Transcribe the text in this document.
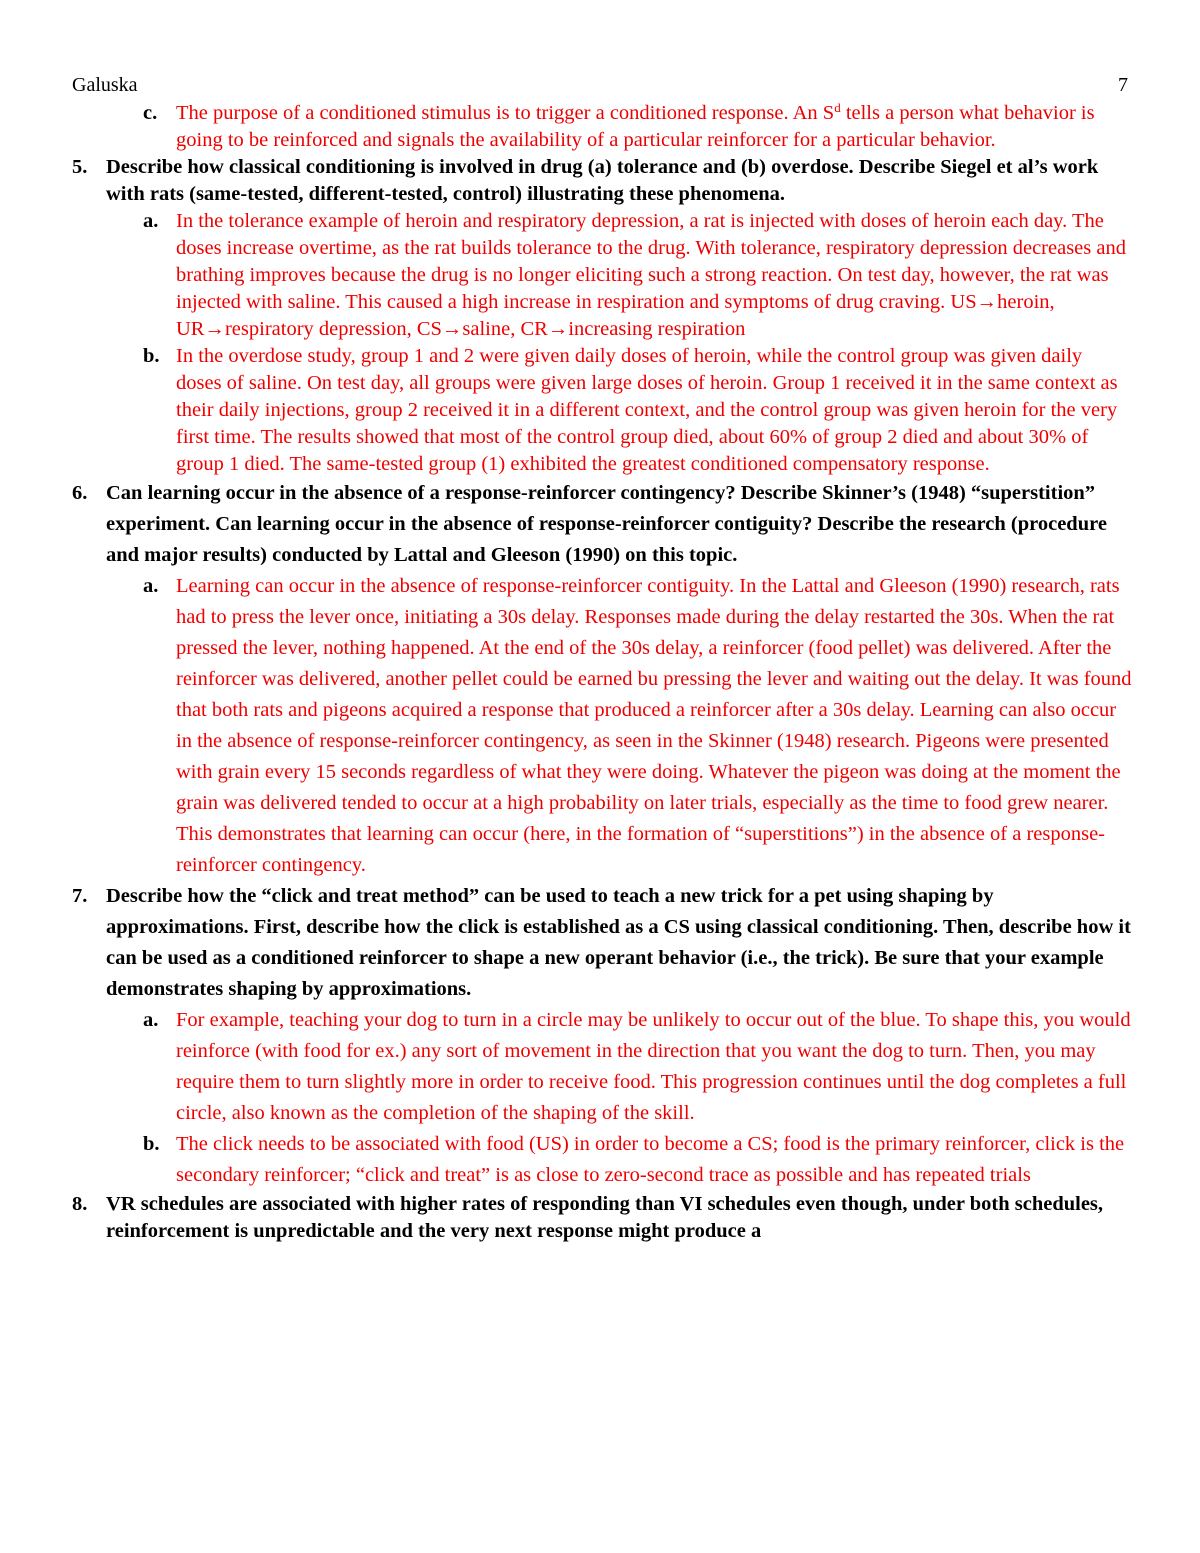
Galuska	7
c. The purpose of a conditioned stimulus is to trigger a conditioned response. An $S^d$ tells a person what behavior is going to be reinforced and signals the availability of a particular reinforcer for a particular behavior.
5. Describe how classical conditioning is involved in drug (a) tolerance and (b) overdose. Describe Siegel et al’s work with rats (same-tested, different-tested, control) illustrating these phenomena.
a. In the tolerance example of heroin and respiratory depression, a rat is injected with doses of heroin each day. The doses increase overtime, as the rat builds tolerance to the drug. With tolerance, respiratory depression decreases and brathing improves because the drug is no longer eliciting such a strong reaction. On test day, however, the rat was injected with saline. This caused a high increase in respiration and symptoms of drug craving. US→heroin, UR→respiratory depression, CS→saline, CR→increasing respiration
b. In the overdose study, group 1 and 2 were given daily doses of heroin, while the control group was given daily doses of saline. On test day, all groups were given large doses of heroin. Group 1 received it in the same context as their daily injections, group 2 received it in a different context, and the control group was given heroin for the very first time. The results showed that most of the control group died, about 60% of group 2 died and about 30% of group 1 died. The same-tested group (1) exhibited the greatest conditioned compensatory response.
6. Can learning occur in the absence of a response-reinforcer contingency? Describe Skinner’s (1948) “superstition” experiment. Can learning occur in the absence of response-reinforcer contiguity? Describe the research (procedure and major results) conducted by Lattal and Gleeson (1990) on this topic.
a. Learning can occur in the absence of response-reinforcer contiguity. In the Lattal and Gleeson (1990) research, rats had to press the lever once, initiating a 30s delay. Responses made during the delay restarted the 30s. When the rat pressed the lever, nothing happened. At the end of the 30s delay, a reinforcer (food pellet) was delivered. After the reinforcer was delivered, another pellet could be earned bu pressing the lever and waiting out the delay. It was found that both rats and pigeons acquired a response that produced a reinforcer after a 30s delay. Learning can also occur in the absence of response-reinforcer contingency, as seen in the Skinner (1948) research. Pigeons were presented with grain every 15 seconds regardless of what they were doing. Whatever the pigeon was doing at the moment the grain was delivered tended to occur at a high probability on later trials, especially as the time to food grew nearer. This demonstrates that learning can occur (here, in the formation of “superstitions”) in the absence of a response-reinforcer contingency.
7. Describe how the “click and treat method” can be used to teach a new trick for a pet using shaping by approximations. First, describe how the click is established as a CS using classical conditioning. Then, describe how it can be used as a conditioned reinforcer to shape a new operant behavior (i.e., the trick). Be sure that your example demonstrates shaping by approximations.
a. For example, teaching your dog to turn in a circle may be unlikely to occur out of the blue. To shape this, you would reinforce (with food for ex.) any sort of movement in the direction that you want the dog to turn. Then, you may require them to turn slightly more in order to receive food. This progression continues until the dog completes a full circle, also known as the completion of the shaping of the skill.
b. The click needs to be associated with food (US) in order to become a CS; food is the primary reinforcer, click is the secondary reinforcer; “click and treat” is as close to zero-second trace as possible and has repeated trials
8. VR schedules are associated with higher rates of responding than VI schedules even though, under both schedules, reinforcement is unpredictable and the very next response might produce a
